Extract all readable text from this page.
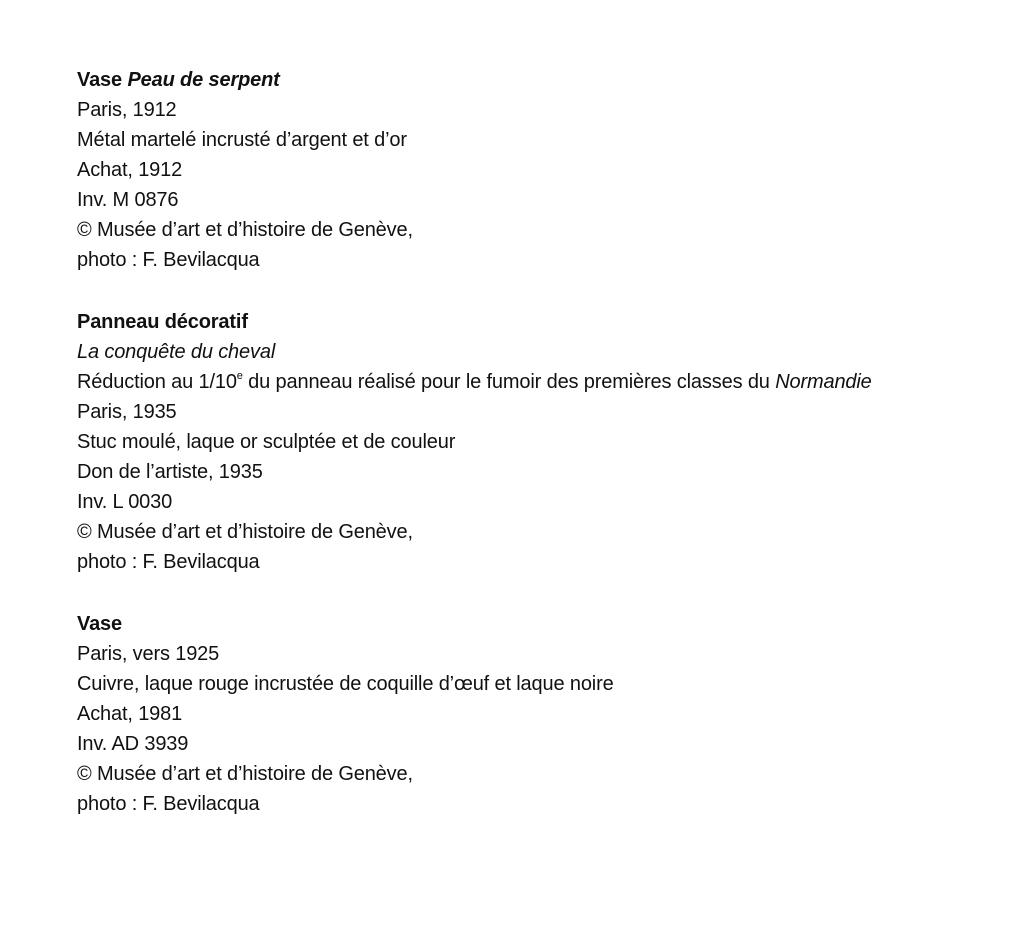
Vase Peau de serpent
Paris, 1912
Métal martelé incrusté d’argent et d’or
Achat, 1912
Inv. M 0876
© Musée d’art et d’histoire de Genève,
photo : F. Bevilacqua
Panneau décoratif
La conquête du cheval
Réduction au 1/10e du panneau réalisé pour le fumoir des premières classes du Normandie
Paris, 1935
Stuc moulé, laque or sculptée et de couleur
Don de l’artiste, 1935
Inv. L 0030
© Musée d’art et d’histoire de Genève,
photo : F. Bevilacqua
Vase
Paris, vers 1925
Cuivre, laque rouge incrustée de coquille d’œuf et laque noire
Achat, 1981
Inv. AD 3939
© Musée d’art et d’histoire de Genève,
photo : F. Bevilacqua
